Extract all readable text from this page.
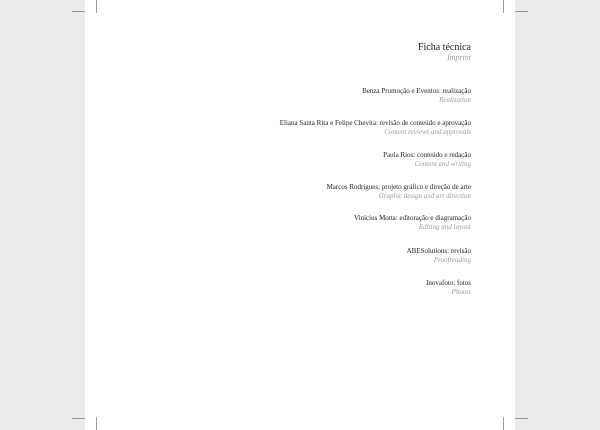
Ficha técnica
Imprint
Benza Promoção e Eventos: realização
Realization
Eliana Santa Rita e Felipe Chevita: revisão de conteúdo e aprovação
Content reviews and approvals
Paula Rios: conteúdo e redação
Content and writing
Marcos Rodrigues: projeto gráfico e direção de arte
Graphic design and art direction
Vinícius Motta: editoração e diagramação
Editing and layout
ABESolutions: revisão
Proofreading
Inovafoto: fotos
Photos
